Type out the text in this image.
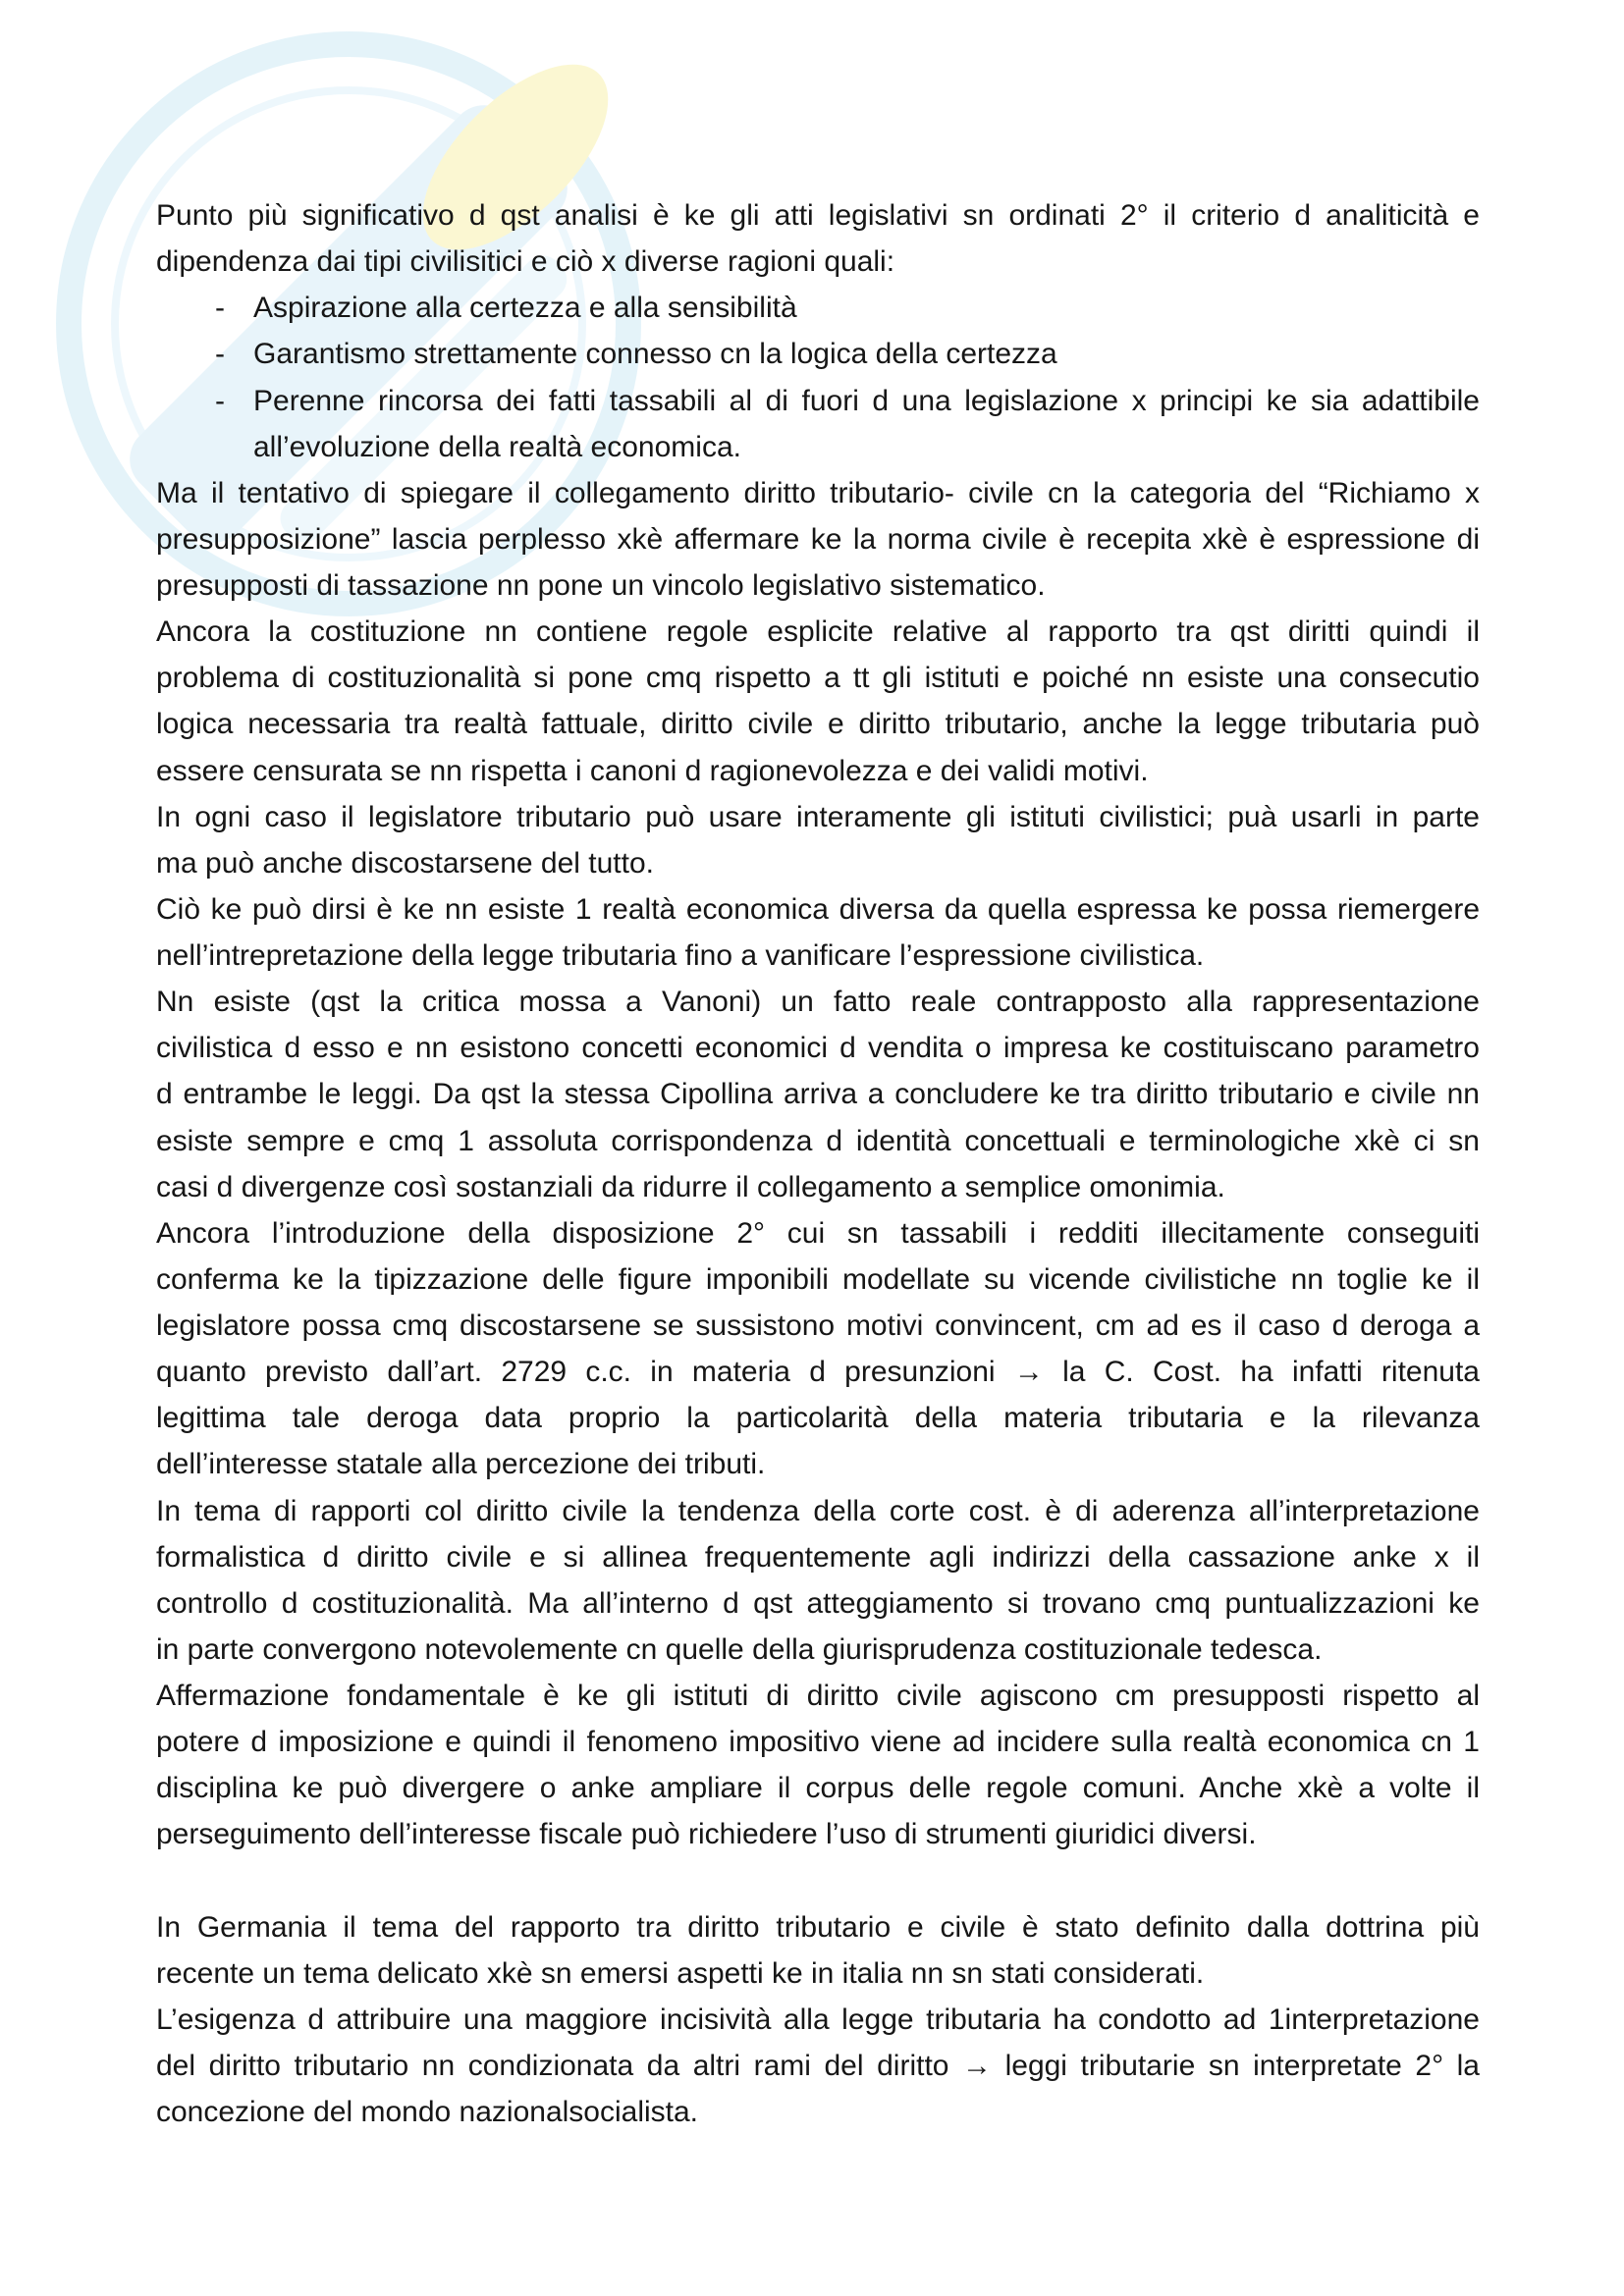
Punto più significativo d qst analisi è ke gli atti legislativi sn ordinati 2° il criterio d analiticità e
dipendenza dai tipi civilisitici e ciò x diverse ragioni quali:
- Aspirazione alla certezza e alla sensibilità
- Garantismo strettamente connesso cn la logica della certezza
- Perenne rincorsa dei fatti tassabili al di fuori d una legislazione x principi ke sia adattibile
all’evoluzione della realtà economica.
Ma il tentativo di spiegare il collegamento diritto tributario- civile cn la categoria del “Richiamo x
presupposizione” lascia perplesso xkè affermare ke la norma civile è recepita xkè è espressione di
presupposti di tassazione nn pone un vincolo legislativo sistematico.
Ancora la costituzione nn contiene regole esplicite relative al rapporto tra qst diritti quindi il
problema di costituzionalità si pone cmq rispetto a tt gli istituti e poiché nn esiste una consecutio
logica necessaria tra realtà fattuale, diritto civile e diritto tributario, anche la legge tributaria può
essere censurata se nn rispetta i canoni d ragionevolezza e dei validi motivi.
In ogni caso il legislatore tributario può usare interamente gli istituti civilistici; puà usarli in parte
ma può anche discostarsene del tutto.
Ciò ke può dirsi è ke nn esiste 1 realtà economica diversa da quella espressa ke possa riemergere
nell’intrepretazione della legge tributaria fino a vanificare l’espressione civilistica.
Nn esiste (qst la critica mossa a Vanoni) un fatto reale contrapposto alla rappresentazione
civilistica d esso e nn esistono concetti economici d vendita o impresa ke costituiscano parametro
d entrambe le leggi. Da qst la stessa Cipollina arriva a concludere ke tra diritto tributario e civile nn
esiste sempre e cmq 1 assoluta corrispondenza d identità concettuali e terminologiche xkè ci sn
casi d divergenze così sostanziali da ridurre il collegamento a semplice omonimia.
Ancora l’introduzione della disposizione 2° cui sn tassabili i redditi illecitamente conseguiti
conferma ke la tipizzazione delle figure imponibili modellate su vicende civilistiche nn toglie ke il
legislatore possa cmq discostarsene se sussistono motivi convincent, cm ad es il caso d deroga a
quanto previsto dall’art. 2729 c.c. in materia d presunzioni → la C. Cost. ha infatti ritenuta
legittima tale deroga data proprio la particolarità della materia tributaria e la rilevanza
dell’interesse statale alla percezione dei tributi.
In tema di rapporti col diritto civile la tendenza della corte cost. è di aderenza all’interpretazione
formalistica d diritto civile e si allinea frequentemente agli indirizzi della cassazione anke x il
controllo d costituzionalità. Ma all’interno d qst atteggiamento si trovano cmq puntualizzazioni ke
in parte convergono notevolemente cn quelle della giurisprudenza costituzionale tedesca.
Affermazione fondamentale è ke gli istituti di diritto civile agiscono cm presupposti rispetto al
potere d imposizione e quindi il fenomeno impositivo viene ad incidere sulla realtà economica cn 1
disciplina ke può divergere o anke ampliare il corpus delle regole comuni. Anche xkè a volte il
perseguimento dell’interesse fiscale può richiedere l’uso di strumenti giuridici diversi.
In Germania il tema del rapporto tra diritto tributario e civile è stato definito dalla dottrina più
recente un tema delicato xkè sn emersi aspetti ke in italia nn sn stati considerati.
L’esigenza d attribuire una maggiore incisività alla legge tributaria ha condotto ad 1interpretazione
del diritto tributario nn condizionata da altri rami del diritto → leggi tributarie sn interpretate 2° la
concezione del mondo nazionalsocialista.
